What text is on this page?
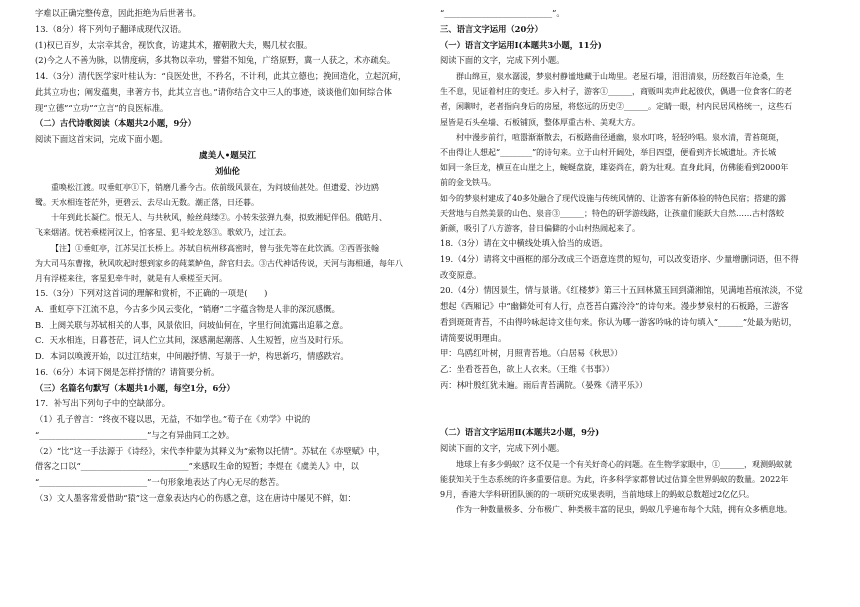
字难以正确完整传意，因此拒绝为后世著书。

13.（8分）将下列句子翻译成现代汉语。

(1)权已百岁，太宗幸其舍，视饮食，访逮其术，擢朝散大夫，赐几杖衣服。

(2)今之人不善为脉，以情度病，多其物以幸功，譬猎不知兔，广络原野，冀一人获之，术亦疏矣。

14.（3分）清代医学家叶桂认为：“良医处世，不矜名，不计利，此其立德也；挽回造化，立起沉疴，

此其立功也；阐发蕴奥，聿著方书，此其立言也。”请你结合文中三人的事迹，谈谈他们如何综合体

现“立德”“立功”“立言”的良医标准。

（二）古代诗歌阅读（本题共2小题，9分）

阅读下面这首宋词，完成下面小题。

虞美人•题吴江

刘仙伦

重唤松江渡。叹垂虹亭①下，销磨几番今古。依前级风景在，为问坡仙甚处。但遗爱、沙边鸥

鹭。天水相连苍茫外，更碧云、去尽山无数。潮正落，日还暮。

十年到此长凝伫。恨无人、与共秋风，鲙丝莼缕②。小转朱弦弹九奏，拟致湘妃伴侣。俄皓月、

飞来烟渚。恍若乘槎河汉上，怕客星、犯斗蛟龙怒③。歌欸乃，过江去。

【注】①垂虹亭，江苏吴江长桥上。苏轼自杭州移高密时，曾与张先等在此饮酒。②西晋张翰

为大司马东曹掾，秋风吹起时想到家乡的莼菜鲈鱼，辞官归去。③古代神话传说，天河与海相通，每年八

月有浮槎来往，客星犯牵牛时，就是有人乘槎至天河。

15.（3分）下列对这首词的理解和赏析，不正确的一项是(　　)

A．重虹亭下江流不息，今古多少风云变化，“销磨”二字蕴含物是人非的深沉感慨。

B．上阕关联与苏轼相关的人事，风景依旧，问坡仙何在，字里行间流露出追慕之意。

C．天水相连，日暮苍茫，词人伫立其间，深感潮起潮落、人生短暂，应当及时行乐。

D．本词以唤渡开始，以过江结束，中间融抒情、写景于一炉，构思新巧，情感跌宕。

16.（6分）本词下阕是怎样抒情的？请简要分析。

（三）名篇名句默写（本题共1小题，每空1分，6分）

17．补写出下列句子中的空缺部分。

（1）孔子曾言：“终夜不寝以思，无益，不如学也。”荀子在《劝学》中说的

“__________________________”与之有异曲同工之妙。

（2）“比”这一手法源于《诗经》，宋代李仲蒙为其释义为“索物以托情”。苏轼在《赤壁赋》中，

借客之口以“__________________________”来感叹生命的短暂；李煜在《虞美人》中，以

“__________________________”一句形象地表达了内心无尽的愁苦。

（3）文人墨客常爱借助“猿”这一意象表达内心的伤感之意，这在唐诗中屡见不鲜，如：

“__________________________”。

三、语言文字运用（20分）

（一）语言文字运用Ⅰ(本题共3小题，11分)

阅读下面的文字，完成下列小题。

群山绵亘，泉水潺湲，梦泉村静谧地藏于山坳里。老屋石墙，泪泪清泉，历经数百年沧桑，生

生不息，见证着村庄的变迁。步入村子，游客①______，商贩叫卖声此起彼伏，偶遇一位食客仁的老

者，闲聊时，老者指向身后的房屋，将悠远的历史②______。定睛一眼，村内民居风格统一，这些石

屋皆是石头垒墙、石板铺顶，整体厚重古朴、美观大方。

村中漫步前行，喧嚣渐渐散去，石板路曲径通幽，泉水叮咚，轻轻吟唱。泉水清，青苔斑斑，

不由得让人想起“________”的诗句来。立于山村开阔处，举目四望，便看到齐长城遗址。齐长城

如同一条巨龙，横亘在山崖之上，蜿蜒盘旋，雄姿尚在，蔚为壮观。直身此间，仿佛能看到2000年

前的金戈铁马。

如今的梦泉村建成了40多处融合了现代设施与传统风情的、让游客有新体验的特色民宿；搭建的露

天营地与自然美景的山色、泉音③______；特色的研学游线路，让孩童们能跃大自然……古村落蛟

新颜，吸引了八方游客，昔日偏僻的小山村热闹起来了。

18.（3分）请在文中横线处填入恰当的成语。

19.（4分）请将文中画框的部分改成三个语意连贯的短句，可以改变语序、少量增删词语，但不得

改变原意。

20.（4分）情因景生，情与景谐。《红楼梦》第三十五回林黛玉回到潇湘馆，见满地苔痕浓淡，不觉

想起《西厢记》中“幽僻处可有人行，点苍苔白露泠泠”的诗句来。漫步梦泉村的石板路，三游客

看到斑斑青苔，不由得吟咏起诗文佳句来。你认为哪一游客吟咏的诗句填入“______”处最为贴切，

请简要说明理由。

甲：鸟鸥红叶树，月照青苔地。（白居易《秋思》）

乙：坐看苍苔色，欲上人衣来。（王维《书事》）

丙：林叶殷红犹未遍。雨后青苔满院。（晏殊《清平乐》）

（二）语言文字运用Ⅱ(本题共2小题，9分)

阅读下面的文字，完成下列小题。

地球上有多少蚂蚁？这不仅是一个有关好奇心的问题。在生物学家眼中，①______，观测蚂蚁就

能获知关于生态系统的许多重要信息。为此，许多科学家都曾试过估算全世界蚂蚁的数量。2022年

9月，香港大学科研团队颁的的一项研究成果表明，当前地球上的蚂蚁总数超过2亿亿只。

作为一种数量极多、分布极广、种类极丰富的昆虫，蚂蚁几乎遍布每个大陆，拥有众多栖息地。
